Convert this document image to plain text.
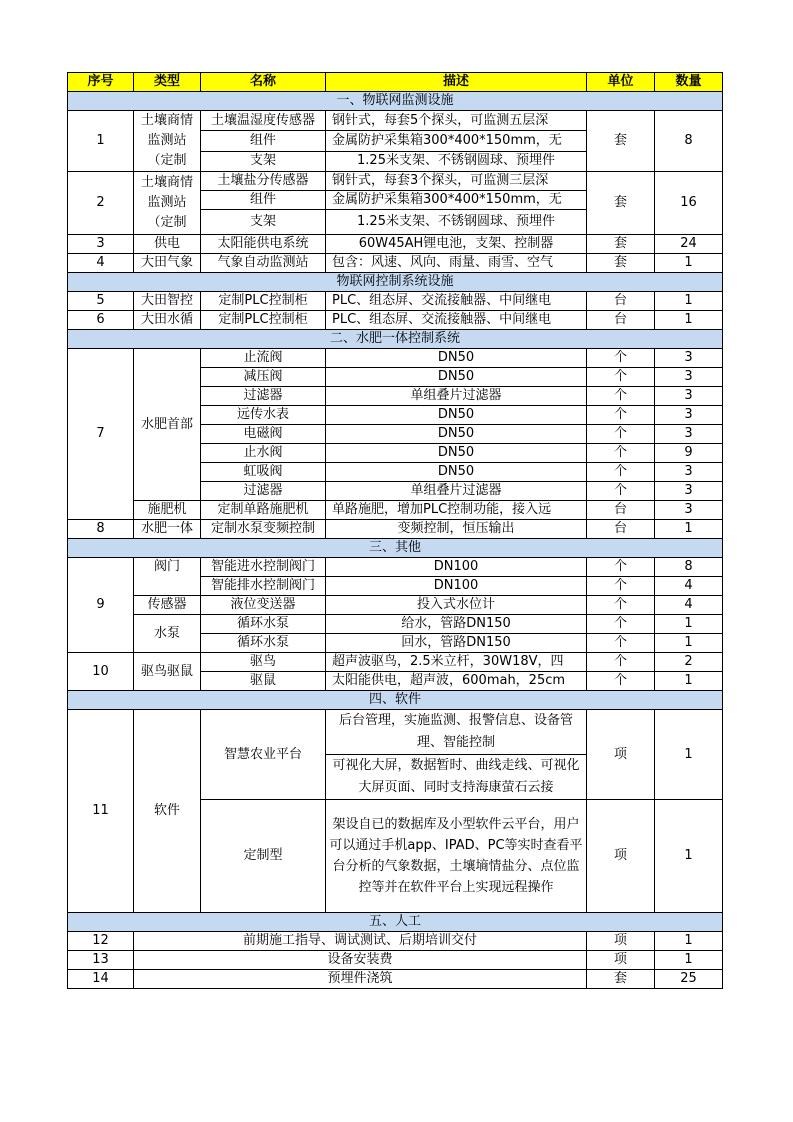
序号	类型	名称	描述	单位	数量
一、物联网监测设施					
1	土壤商情监测站（定制	土壤温湿度传感器	钢针式，每套5个探头，可监测五层深	套	8
		组件	金属防护采集箱300*400*150mm，无		
		支架	1.25米支架、不锈钢圆球、预埋件		
2	土壤商情监测站（定制	土壤盐分传感器	钢针式，每套3个探头，可监测三层深	套	16
		组件	金属防护采集箱300*400*150mm，无		
		支架	1.25米支架、不锈钢圆球、预埋件		
3	供电	太阳能供电系统	60W45AH锂电池，支架、控制器	套	24
4	大田气象	气象自动监测站	包含：风速、风向、雨量、雨雪、空气	套	1
物联网控制系统设施					
5	大田智控	定制PLC控制柜	PLC、组态屏、交流接触器、中间继电	台	1
6	大田水循	定制PLC控制柜	PLC、组态屏、交流接触器、中间继电	台	1
二、水肥一体控制系统					
7	水肥首部	止流阀	DN50	个	3
		减压阀	DN50	个	3
		过滤器	单组叠片过滤器	个	3
		远传水表	DN50	个	3
		电磁阀	DN50	个	3
		止水阀	DN50	个	9
		虹吸阀	DN50	个	3
		过滤器	单组叠片过滤器	个	3
	施肥机	定制单路施肥机	单路施肥，增加PLC控制功能，接入远	台	3
8	水肥一体	定制水泵变频控制	变频控制，恒压输出	台	1
三、其他					
9	阀门	智能进水控制阀门	DN100	个	8
		智能排水控制阀门	DN100	个	4
	传感器	液位变送器	投入式水位计	个	4
	水泵	循环水泵	给水，管路DN150	个	1
		循环水泵	回水，管路DN150	个	1
10	驱鸟驱鼠	驱鸟	超声波驱鸟，2.5米立杆，30W18V，四	个	2
		驱鼠	太阳能供电，超声波，600mah，25cm	个	1
四、软件					
11	软件	智慧农业平台	后台管理，实施监测、报警信息、设备管理、智能控制	项	1
			可视化大屏，数据暂时、曲线走线、可视化大屏页面、同时支持海康萤石云接		
		定制型	架设自已的数据库及小型软件云平台，用户可以通过手机app、IPAD、PC等实时查看平台分析的气象数据，土壤墒情盐分、点位监控等并在软件平台上实现远程操作	项	1
五、人工					
12	前期施工指导、调试测试、后期培训交付			项	1
13	设备安装费			项	1
14	预埋件浇筑			套	25
